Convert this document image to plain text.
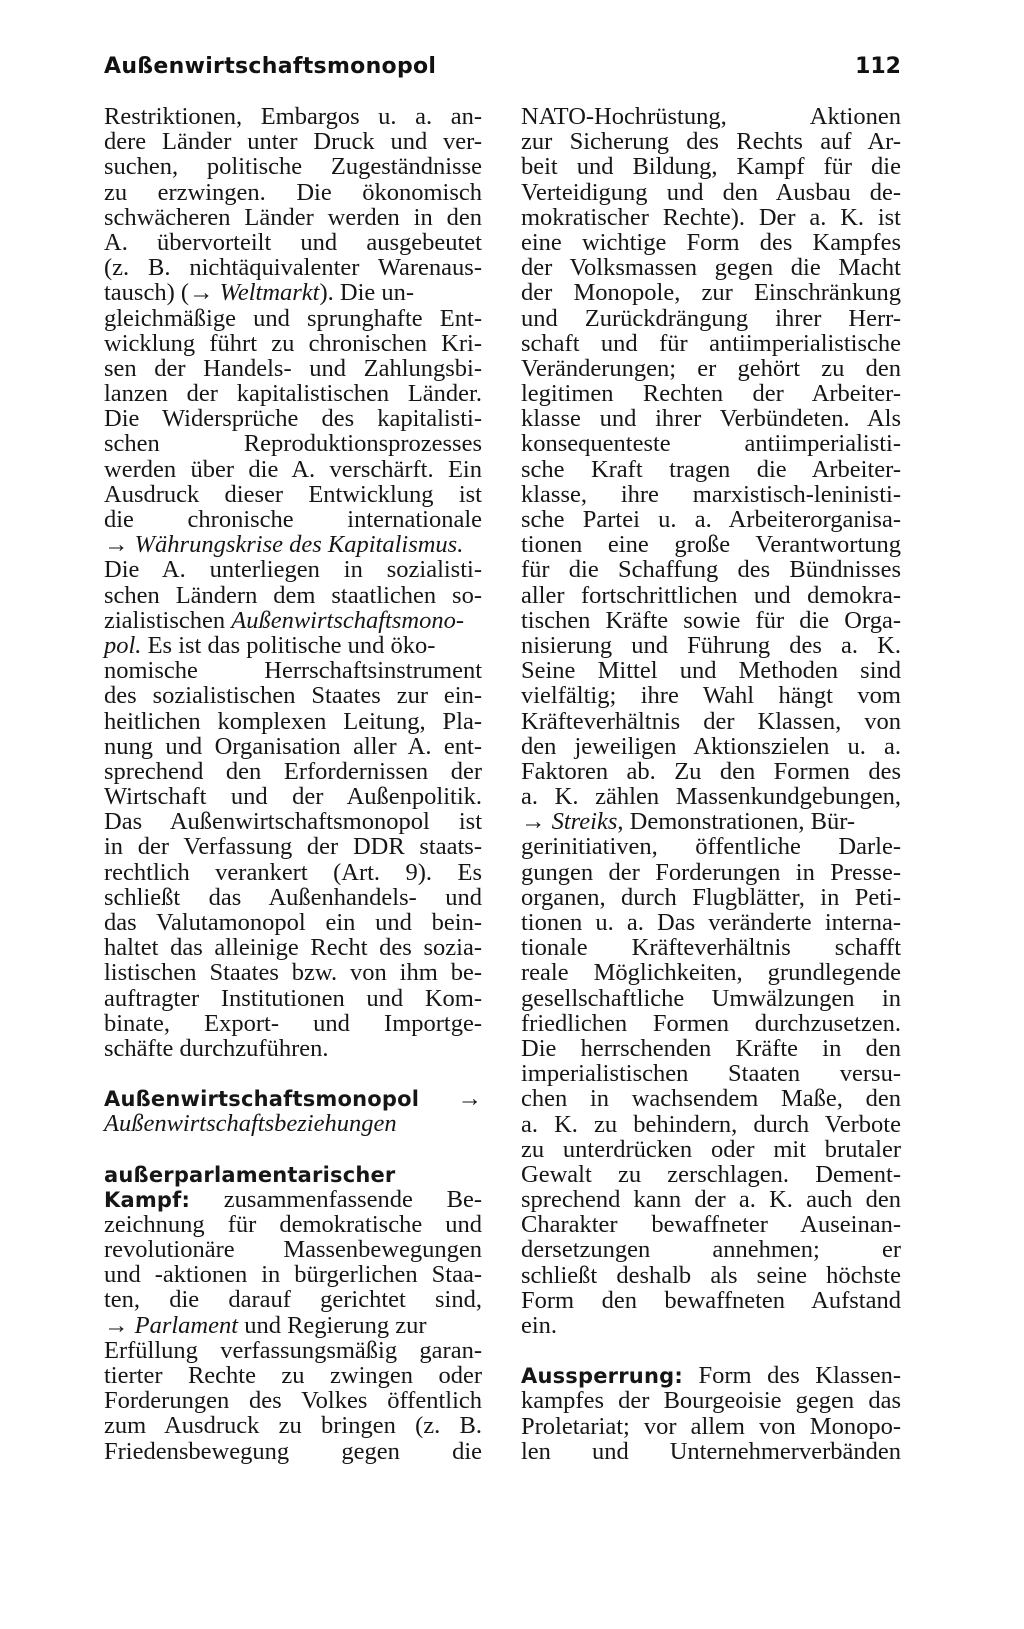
Außenwirtschaftsmonopol	112
Restriktionen, Embargos u. a. an-
dere Länder unter Druck und ver-
suchen, politische Zugeständnisse
zu erzwingen. Die ökonomisch
schwächeren Länder werden in den
A. übervorteilt und ausgebeutet
(z. B. nichtäquivalenter Warenaus-
tausch) (→ Weltmarkt). Die un-
gleichmäßige und sprunghafte Ent-
wicklung führt zu chronischen Kri-
sen der Handels- und Zahlungsbi-
lanzen der kapitalistischen Länder.
Die Widersprüche des kapitalisti-
schen Reproduktionsprozesses
werden über die A. verschärft. Ein
Ausdruck dieser Entwicklung ist
die chronische internationale
→ Währungskrise des Kapitalismus.
Die A. unterliegen in sozialisti-
schen Ländern dem staatlichen so-
zialistischen Außenwirtschaftsmono-
pol. Es ist das politische und öko-
nomische Herrschaftsinstrument
des sozialistischen Staates zur ein-
heitlichen komplexen Leitung, Pla-
nung und Organisation aller A. ent-
sprechend den Erfordernissen der
Wirtschaft und der Außenpolitik.
Das Außenwirtschaftsmonopol ist
in der Verfassung der DDR staats-
rechtlich verankert (Art. 9). Es
schließt das Außenhandels- und
das Valutamonopol ein und bein-
haltet das alleinige Recht des sozia-
listischen Staates bzw. von ihm be-
auftragter Institutionen und Kom-
binate, Export- und Importge-
schäfte durchzuführen.
Außenwirtschaftsmonopol →
Außenwirtschaftsbeziehungen
außerparlamentarischer
Kampf: zusammenfassende Be-
zeichnung für demokratische und
revolutionäre Massenbewegungen
und -aktionen in bürgerlichen Staa-
ten, die darauf gerichtet sind,
→ Parlament und Regierung zur
Erfüllung verfassungsmäßig garan-
tierter Rechte zu zwingen oder
Forderungen des Volkes öffentlich
zum Ausdruck zu bringen (z. B.
Friedensbewegung gegen die
NATO-Hochrüstung, Aktionen
zur Sicherung des Rechts auf Ar-
beit und Bildung, Kampf für die
Verteidigung und den Ausbau de-
mokratischer Rechte). Der a. K. ist
eine wichtige Form des Kampfes
der Volksmassen gegen die Macht
der Monopole, zur Einschränkung
und Zurückdrängung ihrer Herr-
schaft und für antiimperialistische
Veränderungen; er gehört zu den
legitimen Rechten der Arbeiter-
klasse und ihrer Verbündeten. Als
konsequenteste antiimperialisti-
sche Kraft tragen die Arbeiter-
klasse, ihre marxistisch-leninisti-
sche Partei u. a. Arbeiterorganisa-
tionen eine große Verantwortung
für die Schaffung des Bündnisses
aller fortschrittlichen und demokra-
tischen Kräfte sowie für die Orga-
nisierung und Führung des a. K.
Seine Mittel und Methoden sind
vielfältig; ihre Wahl hängt vom
Kräfteverhältnis der Klassen, von
den jeweiligen Aktionszielen u. a.
Faktoren ab. Zu den Formen des
a. K. zählen Massenkundgebungen,
→ Streiks, Demonstrationen, Bür-
gerinitiativen, öffentliche Darle-
gungen der Forderungen in Presse-
organen, durch Flugblätter, in Peti-
tionen u. a. Das veränderte interna-
tionale Kräfteverhältnis schafft
reale Möglichkeiten, grundlegende
gesellschaftliche Umwälzungen in
friedlichen Formen durchzusetzen.
Die herrschenden Kräfte in den
imperialistischen Staaten versu-
chen in wachsendem Maße, den
a. K. zu behindern, durch Verbote
zu unterdrücken oder mit brutaler
Gewalt zu zerschlagen. Dement-
sprechend kann der a. K. auch den
Charakter bewaffneter Auseinan-
dersetzungen annehmen; er
schließt deshalb als seine höchste
Form den bewaffneten Aufstand
ein.
Aussperrung: Form des Klassen-
kampfes der Bourgeoisie gegen das
Proletariat; vor allem von Monopo-
len und Unternehmerverbänden
